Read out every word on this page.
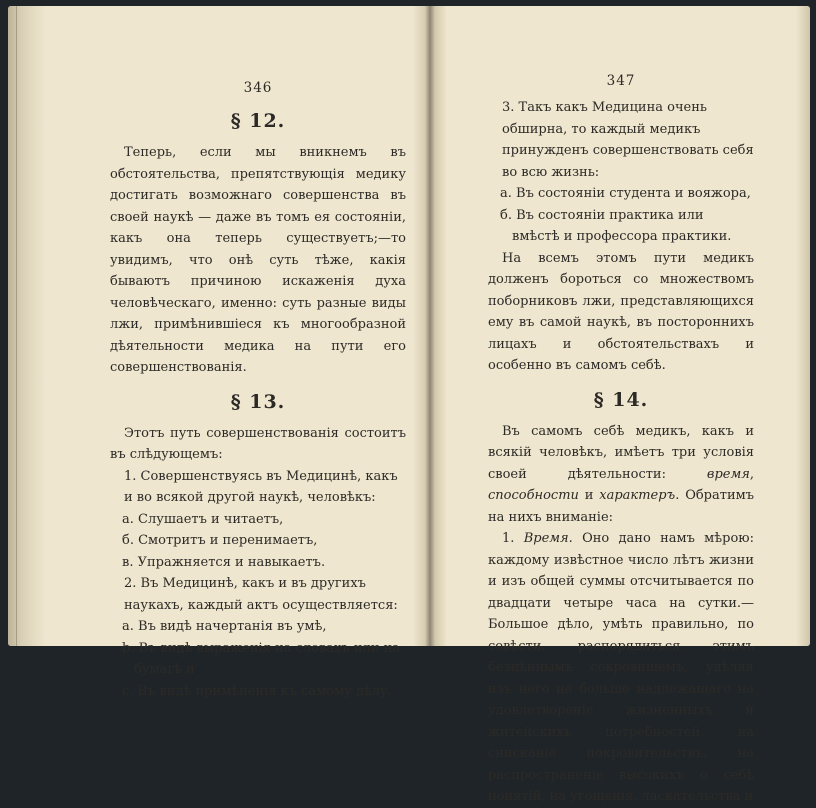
346
§ 12.

Теперь, если мы вникнемъ въ обстоятельства, препятствующія медику достигать возможнаго совершенства въ своей наукѣ — даже въ томъ ея состояніи, какъ она теперь существуетъ;—то увидимъ, что онѣ суть тѣже, какія бываютъ причиною искаженія духа человѣческаго, именно: суть разные виды лжи, примѣнившіеся къ многообразной дѣятельности медика на пути его совершенствованія.

§ 13.

Этотъ путь совершенствованія состоитъ въ слѣдующемъ:

1. Совершенствуясь въ Медицинѣ, какъ и во всякой другой наукѣ, человѣкъ:

а. Слушаетъ и читаетъ,

б. Смотритъ и перенимаетъ,

в. Упражняется и навыкаетъ.

2. Въ Медицинѣ, какъ и въ другихъ наукахъ, каждый актъ осуществляется:

а. Въ видѣ начертанія въ умѣ,

b. Въ видѣ выраженія на словахъ или на бумагѣ и

c. Въ видѣ примѣненія къ самому дѣлу.

347

3. Такъ какъ Медицина очень обширна, то каждый медикъ принужденъ совершенствовать себя во всю жизнь:

а. Въ состояніи студента и вояжора,

б. Въ состояніи практика или вмѣстѣ и профессора практики.

На всемъ этомъ пути медикъ долженъ бороться со множествомъ поборниковъ лжи, представляющихся ему въ самой наукѣ, въ постороннихъ лицахъ и обстоятельствахъ и особенно въ самомъ себѣ.

§ 14.

Въ самомъ себѣ медикъ, какъ и всякій человѣкъ, имѣетъ три условія своей дѣятельности: время, способности и характеръ. Обратимъ на нихъ вниманіе:

1. Время. Оно дано намъ мѣрою: каждому извѣстное число лѣтъ жизни и изъ общей суммы отсчитывается по двадцати четыре часа на сутки.—Большое дѣло, умѣть правильно, по совѣсти, распорядиться этимъ безцѣннымъ сокровищемъ, удѣляя изъ него не больше надлежащаго на удовлетвореніе жизненныхъ и житейскихъ потребностей, на снисканіе покровительствъ, на распространеніе высокихъ о себѣ понятій, на угощенія, ласкательства и
